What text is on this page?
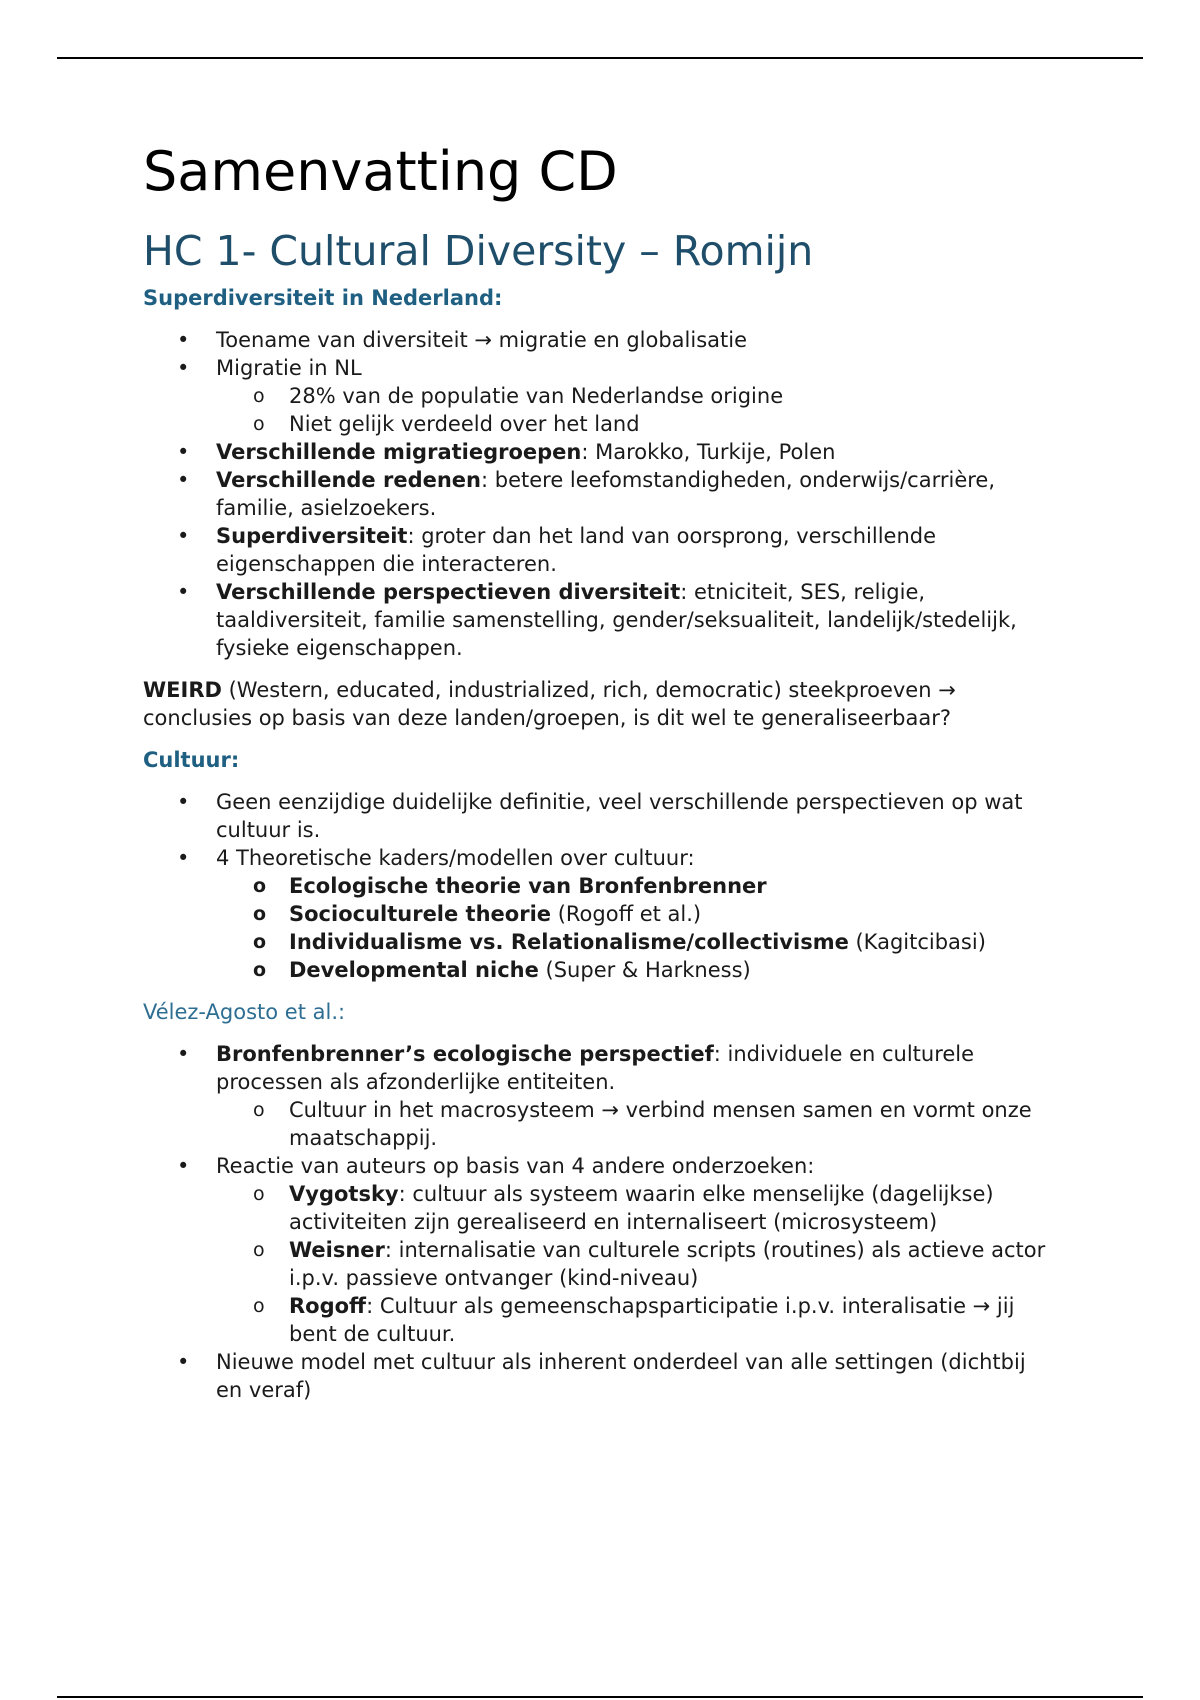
Samenvatting CD
HC 1- Cultural Diversity – Romijn
Superdiversiteit in Nederland:
• Toename van diversiteit → migratie en globalisatie
• Migratie in NL
o 28% van de populatie van Nederlandse origine
o Niet gelijk verdeeld over het land
• Verschillende migratiegroepen: Marokko, Turkije, Polen
• Verschillende redenen: betere leefomstandigheden, onderwijs/carrière, familie, asielzoekers.
• Superdiversiteit: groter dan het land van oorsprong, verschillende eigenschappen die interacteren.
• Verschillende perspectieven diversiteit: etniciteit, SES, religie, taaldiversiteit, familie samenstelling, gender/seksualiteit, landelijk/stedelijk, fysieke eigenschappen.

WEIRD (Western, educated, industrialized, rich, democratic) steekproeven → conclusies op basis van deze landen/groepen, is dit wel te generaliseerbaar?

Cultuur:
• Geen eenzijdige duidelijke definitie, veel verschillende perspectieven op wat cultuur is.
• 4 Theoretische kaders/modellen over cultuur:
o Ecologische theorie van Bronfenbrenner
o Socioculturele theorie (Rogoff et al.)
o Individualisme vs. Relationalisme/collectivisme (Kagitcibasi)
o Developmental niche (Super & Harkness)
Vélez-Agosto et al.:
• Bronfenbrenner’s ecologische perspectief: individuele en culturele processen als afzonderlijke entiteiten.
o Cultuur in het macrosysteem → verbind mensen samen en vormt onze maatschappij.
• Reactie van auteurs op basis van 4 andere onderzoeken:
o Vygotsky: cultuur als systeem waarin elke menselijke (dagelijkse) activiteiten zijn gerealiseerd en internaliseert (microsysteem)
o Weisner: internalisatie van culturele scripts (routines) als actieve actor i.p.v. passieve ontvanger (kind-niveau)
o Rogoff: Cultuur als gemeenschapsparticipatie i.p.v. interalisatie → jij bent de cultuur.
• Nieuwe model met cultuur als inherent onderdeel van alle settingen (dichtbij en veraf)
